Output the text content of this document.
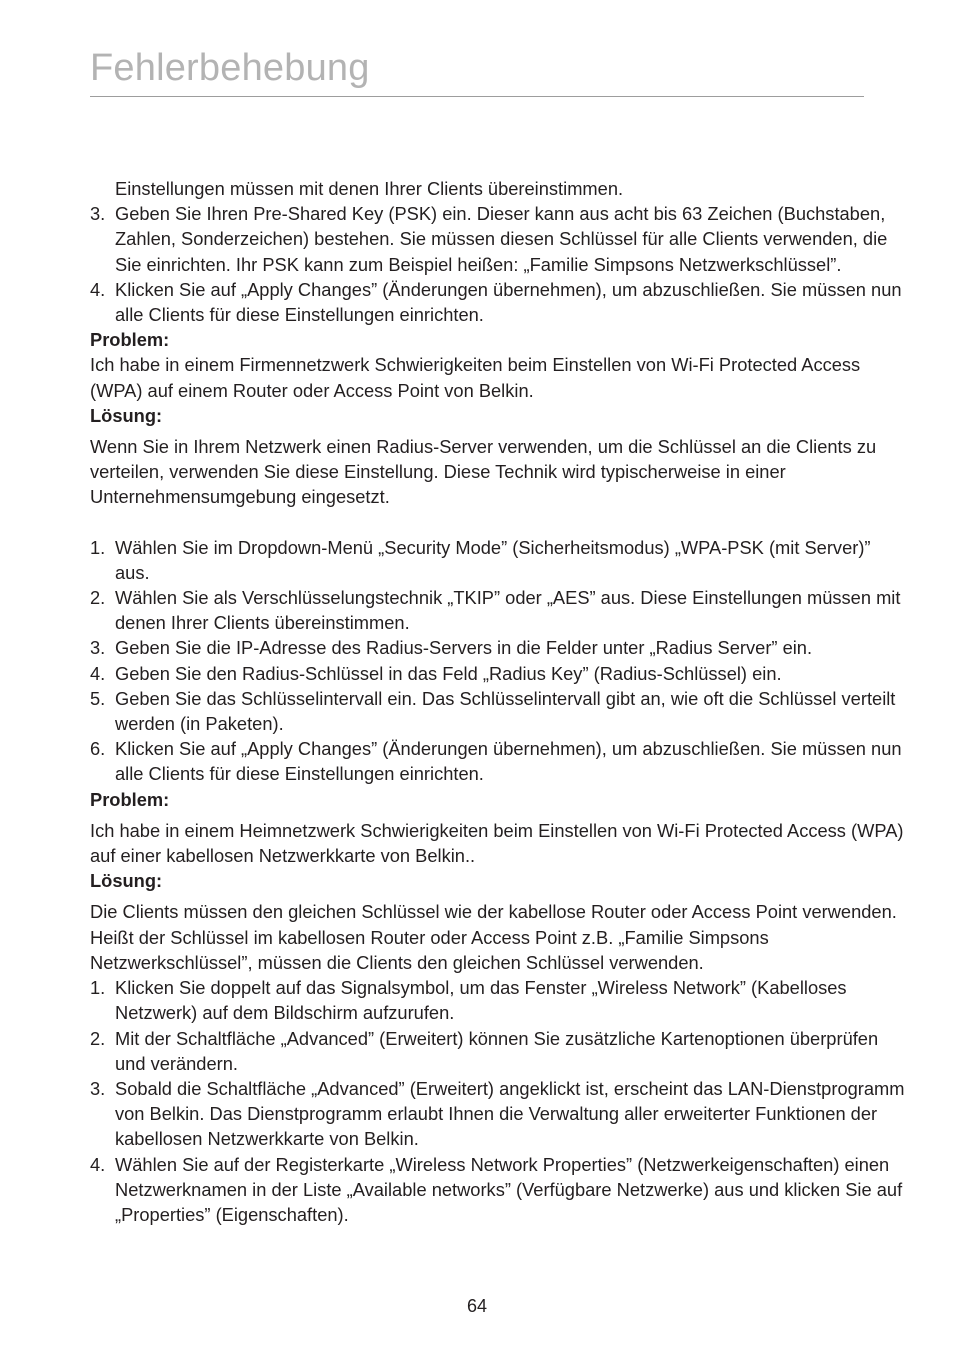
Fehlerbehebung

Einstellungen müssen mit denen Ihrer Clients übereinstimmen.

3. Geben Sie Ihren Pre-Shared Key (PSK) ein. Dieser kann aus acht bis 63 Zeichen (Buchstaben, Zahlen, Sonderzeichen) bestehen. Sie müssen diesen Schlüssel für alle Clients verwenden, die Sie einrichten. Ihr PSK kann zum Beispiel heißen: „Familie Simpsons Netzwerkschlüssel”.
4. Klicken Sie auf „Apply Changes” (Änderungen übernehmen), um abzuschließen. Sie müssen nun alle Clients für diese Einstellungen einrichten.

Problem:

Ich habe in einem Firmennetzwerk Schwierigkeiten beim Einstellen von Wi-Fi Protected Access (WPA) auf einem Router oder Access Point von Belkin.

Lösung:

Wenn Sie in Ihrem Netzwerk einen Radius-Server verwenden, um die Schlüssel an die Clients zu verteilen, verwenden Sie diese Einstellung. Diese Technik wird typischerweise in einer Unternehmensumgebung eingesetzt.

1. Wählen Sie im Dropdown-Menü „Security Mode” (Sicherheitsmodus) „WPA-PSK (mit Server)” aus.
2. Wählen Sie als Verschlüsselungstechnik „TKIP” oder „AES” aus. Diese Einstellungen müssen mit denen Ihrer Clients übereinstimmen.
3. Geben Sie die IP-Adresse des Radius-Servers in die Felder unter „Radius Server” ein.
4. Geben Sie den Radius-Schlüssel in das Feld „Radius Key” (Radius-Schlüssel) ein.
5. Geben Sie das Schlüsselintervall ein. Das Schlüsselintervall gibt an, wie oft die Schlüssel verteilt werden (in Paketen).
6. Klicken Sie auf „Apply Changes” (Änderungen übernehmen), um abzuschließen. Sie müssen nun alle Clients für diese Einstellungen einrichten.

Problem:

Ich habe in einem Heimnetzwerk Schwierigkeiten beim Einstellen von Wi-Fi Protected Access (WPA) auf einer kabellosen Netzwerkkarte von Belkin..

Lösung:

Die Clients müssen den gleichen Schlüssel wie der kabellose Router oder Access Point verwenden. Heißt der Schlüssel im kabellosen Router oder Access Point z.B. „Familie Simpsons Netzwerkschlüssel”, müssen die Clients den gleichen Schlüssel verwenden.

1. Klicken Sie doppelt auf das Signalsymbol, um das Fenster „Wireless Network” (Kabelloses Netzwerk) auf dem Bildschirm aufzurufen.
2. Mit der Schaltfläche „Advanced” (Erweitert) können Sie zusätzliche Kartenoptionen überprüfen und verändern.
3. Sobald die Schaltfläche „Advanced” (Erweitert) angeklickt ist, erscheint das LAN-Dienstprogramm von Belkin. Das Dienstprogramm erlaubt Ihnen die Verwaltung aller erweiterter Funktionen der kabellosen Netzwerkkarte von Belkin.
4. Wählen Sie auf der Registerkarte „Wireless Network Properties” (Netzwerkeigenschaften) einen Netzwerknamen in der Liste „Available networks” (Verfügbare Netzwerke) aus und klicken Sie auf „Properties” (Eigenschaften).
64
